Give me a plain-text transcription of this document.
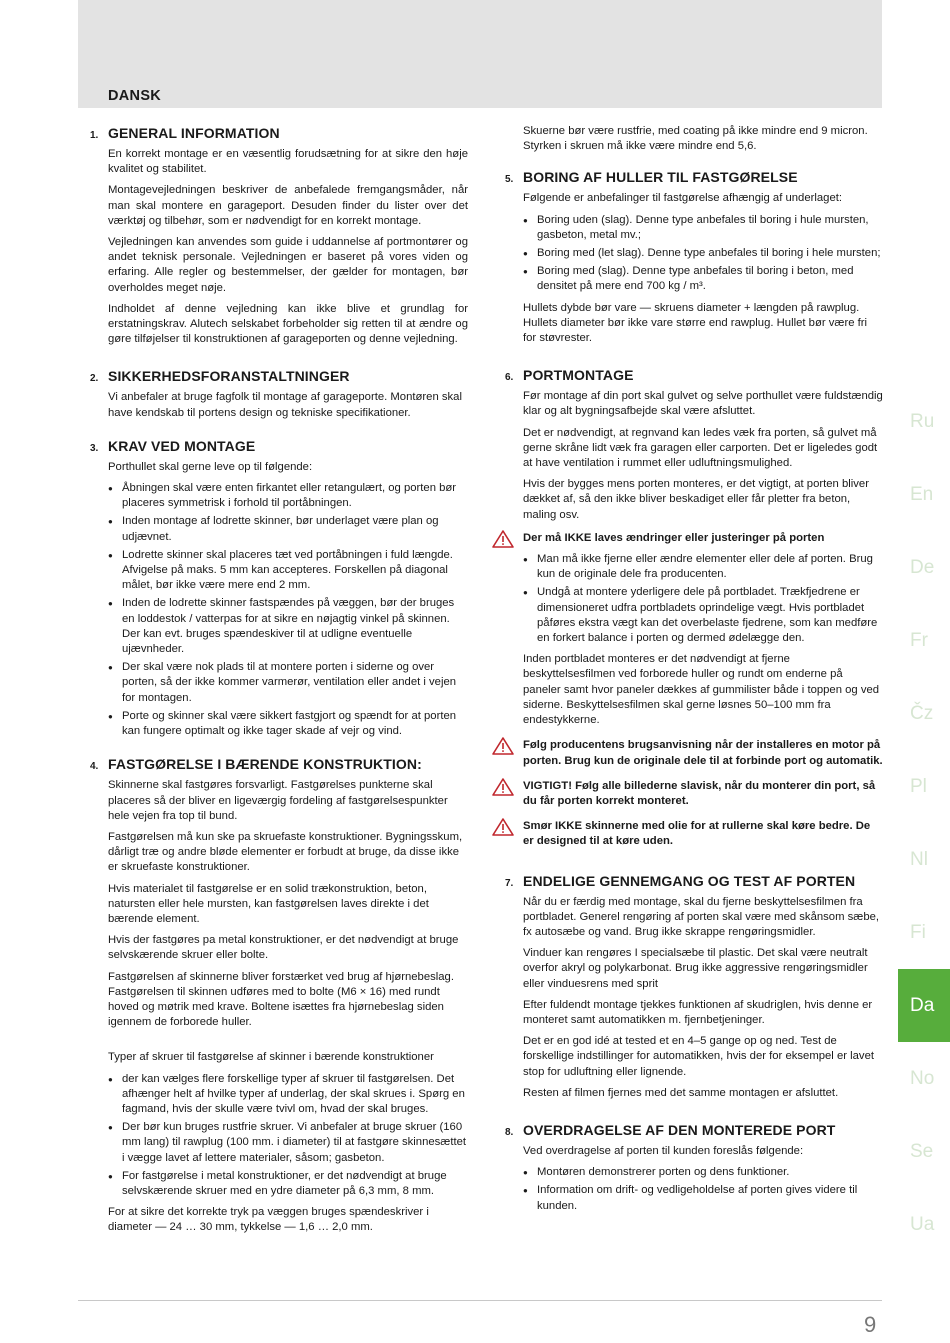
DANSK
1. GENERAL INFORMATION

En korrekt montage er en væsentlig forudsætning for at sikre den høje kvalitet og stabilitet.

Montagevejledningen beskriver de anbefalede fremgangsmåder, når man skal montere en garageport. Desuden finder du lister over det værktøj og tilbehør, som er nødvendigt for en korrekt montage.

Vejledningen kan anvendes som guide i uddannelse af portmontører og andet teknisk personale. Vejledningen er baseret på vores viden og erfaring. Alle regler og bestemmelser, der gælder for montagen, bør overholdes meget nøje.

Indholdet af denne vejledning kan ikke blive et grundlag for erstatningskrav. Alutech selskabet forbeholder sig retten til at ændre og gøre tilføjelser til konstruktionen af garageporten og denne vejledning.

2. SIKKERHEDSFORANSTALTNINGER

Vi anbefaler at bruge fagfolk til montage af garageporte. Montøren skal have kendskab til portens design og tekniske specifikationer.

3. KRAV VED MONTAGE

Porthullet skal gerne leve op til følgende:

● Åbningen skal være enten firkantet eller retangulært, og porten bør placeres symmetrisk i forhold til portåbningen.
● Inden montage af lodrette skinner, bør underlaget være plan og udjævnet.
● Lodrette skinner skal placeres tæt ved portåbningen i fuld længde. Afvigelse på maks. 5 mm kan accepteres. Forskellen på diagonal målet, bør ikke være mere end 2 mm.
● Inden de lodrette skinner fastspændes på væggen, bør der bruges en loddestok / vatterpas for at sikre en nøjagtig vinkel på skinnen. Der kan evt. bruges spændeskiver til at udligne eventuelle ujævnheder.
● Der skal være nok plads til at montere porten i siderne og over porten, så der ikke kommer varmerør, ventilation eller andet i vejen for montagen.
● Porte og skinner skal være sikkert fastgjort og spændt for at porten kan fungere optimalt og ikke tager skade af vejr og vind.
4. FASTGØRELSE I BÆRENDE KONSTRUKTION:

Skinnerne skal fastgøres forsvarligt. Fastgørelses punkterne skal placeres så der bliver en ligeværgig fordeling af fastgørelsespunkter hele vejen fra top til bund.

Fastgørelsen må kun ske pa skruefaste konstruktioner. Bygningsskum, dårligt træ og andre bløde elementer er forbudt at bruge, da disse ikke er skruefaste konstruktioner.

Hvis materialet til fastgørelse er en solid trækonstruktion, beton, natursten eller hele mursten, kan fastgørelsen laves direkte i det bærende element.

Hvis der fastgøres pa metal konstruktioner, er det nødvendigt at bruge selvskærende skruer eller bolte.

Fastgørelsen af skinnerne bliver forstærket ved brug af hjørnebeslag. Fastgørelsen til skinnen udføres med to bolte (M6 × 16) med rundt hoved og møtrik med krave. Boltene isættes fra hjørnebeslag siden igennem de forborede huller.

Typer af skruer til fastgørelse af skinner i bærende konstruktioner

● der kan vælges flere forskellige typer af skruer til fastgørelsen. Det afhænger helt af hvilke typer af underlag, der skal skrues i. Spørg en fagmand, hvis der skulle være tvivl om, hvad der skal bruges.
● Der bør kun bruges rustfrie skruer. Vi anbefaler at bruge skruer (160 mm lang) til rawplug (100 mm. i diameter) til at fastgøre skinnesættet i væggе lavet af lettere materialer, såsom; gasbeton.
● For fastgørelse i metal konstruktioner, er det nødvendigt at bruge selvskærende skruer med en ydre diameter på 6,3 mm, 8 mm.

For at sikre det korrekte tryk pa væggen bruges spændeskriver i diameter — 24 … 30 mm, tykkelse — 1,6 … 2,0 mm.

Skuerne bør være rustfrie, med coating på ikke mindre end 9 micron. Styrken i skruen må ikke være mindre end 5,6.

5. BORING AF HULLER TIL FASTGØRELSE

Følgende er anbefalinger til fastgørelse afhængig af underlaget:

● Boring uden (slag). Denne type anbefales til boring i hule mursten, gasbeton, metal mv.;
● Boring med (let slag). Denne type anbefales til boring i hele mursten;
● Boring med (slag). Denne type anbefales til boring i beton, med densitet på mere end 700 kg / m³.

Hullets dybde bør vare — skruens diameter + længden på rawplug. Hullets diameter bør ikke vare større end rawplug. Hullet bør være fri for støvrester.

6. PORTMONTAGE

Før montage af din port skal gulvet og selve porthullet være fuldstændig klar og alt bygningsafbejde skal være afsluttet.

Det er nødvendigt, at regnvand kan ledes væk fra porten, så gulvet må gerne skråne lidt væk fra garagen eller carporten. Det er ligeledes godt at have ventilation i rummet eller udluftningsmulighed.

Hvis der bygges mens porten monteres, er det vigtigt, at porten bliver dækket af, så den ikke bliver beskadiget eller får pletter fra beton, maling osv.

Der må IKKE laves ændringer eller justeringer på porten
● Man må ikke fjerne eller ændre elementer eller dele af porten. Brug kun de originale dele fra producenten.
● Undgå at montere yderligere dele på portbladet. Trækfjedrene er dimensioneret udfra portbladets oprindelige vægt. Hvis portbladet påføres ekstra vægt kan det overbelaste fjedrene, som kan medføre en forkert balance i porten og dermed ødelægge den.

Inden portbladet monteres er det nødvendigt at fjerne beskyttelsesfilmen ved forborede huller og rundt om enderne på paneler samt hvor paneler dækkes af gummilister både i toppen og ved siderne. Beskyttelsesfilmen skal gerne løsnes 50–100 mm fra endestykkerne.

Følg producentens brugsanvisning når der installeres en motor på porten. Brug kun de originale dele til at forbinde port og automatik.
VIGTIGT! Følg alle billederne slavisk, når du monterer din port, så du får porten korrekt monteret.
Smør IKKE skinnerne med olie for at rullerne skal køre bedre. De er designed til at køre uden.
7. ENDELIGE GENNEMGANG OG TEST AF PORTEN

Når du er færdig med montage, skal du fjerne beskyttelsesfilmen fra portbladet. Generel rengøring af porten skal være med skånsom sæbe, fx autosæbe og vand. Brug ikke skrappe rengøringsmidler.

Vinduer kan rengøres I specialsæbe til plastic. Det skal være neutralt overfor akryl og polykarbonat. Brug ikke aggressive rengøringsmidler eller vinduesrens med sprit

Efter fuldendt montage tjekkes funktionen af skudriglen, hvis denne er monteret samt automatikken m. fjernbetjeninger.

Det er en god idé at tested et en 4–5 gange op og ned. Test de forskellige indstillinger for automatikken, hvis der for eksempel er lavet stop for udluftning eller lignende.

Resten af filmen fjernes med det samme montagen er afsluttet.

8. OVERDRAGELSE AF DEN MONTEREDE PORT

Ved overdragelse af porten til kunden foreslås følgende:

● Montøren demonstrerer porten og dens funktioner.
● Information om drift- og vedligeholdelse af porten gives videre til kunden.
Ru
En
De
Fr
Čz
Pl
Nl
Fi
Da
No
Se
Ua
9
